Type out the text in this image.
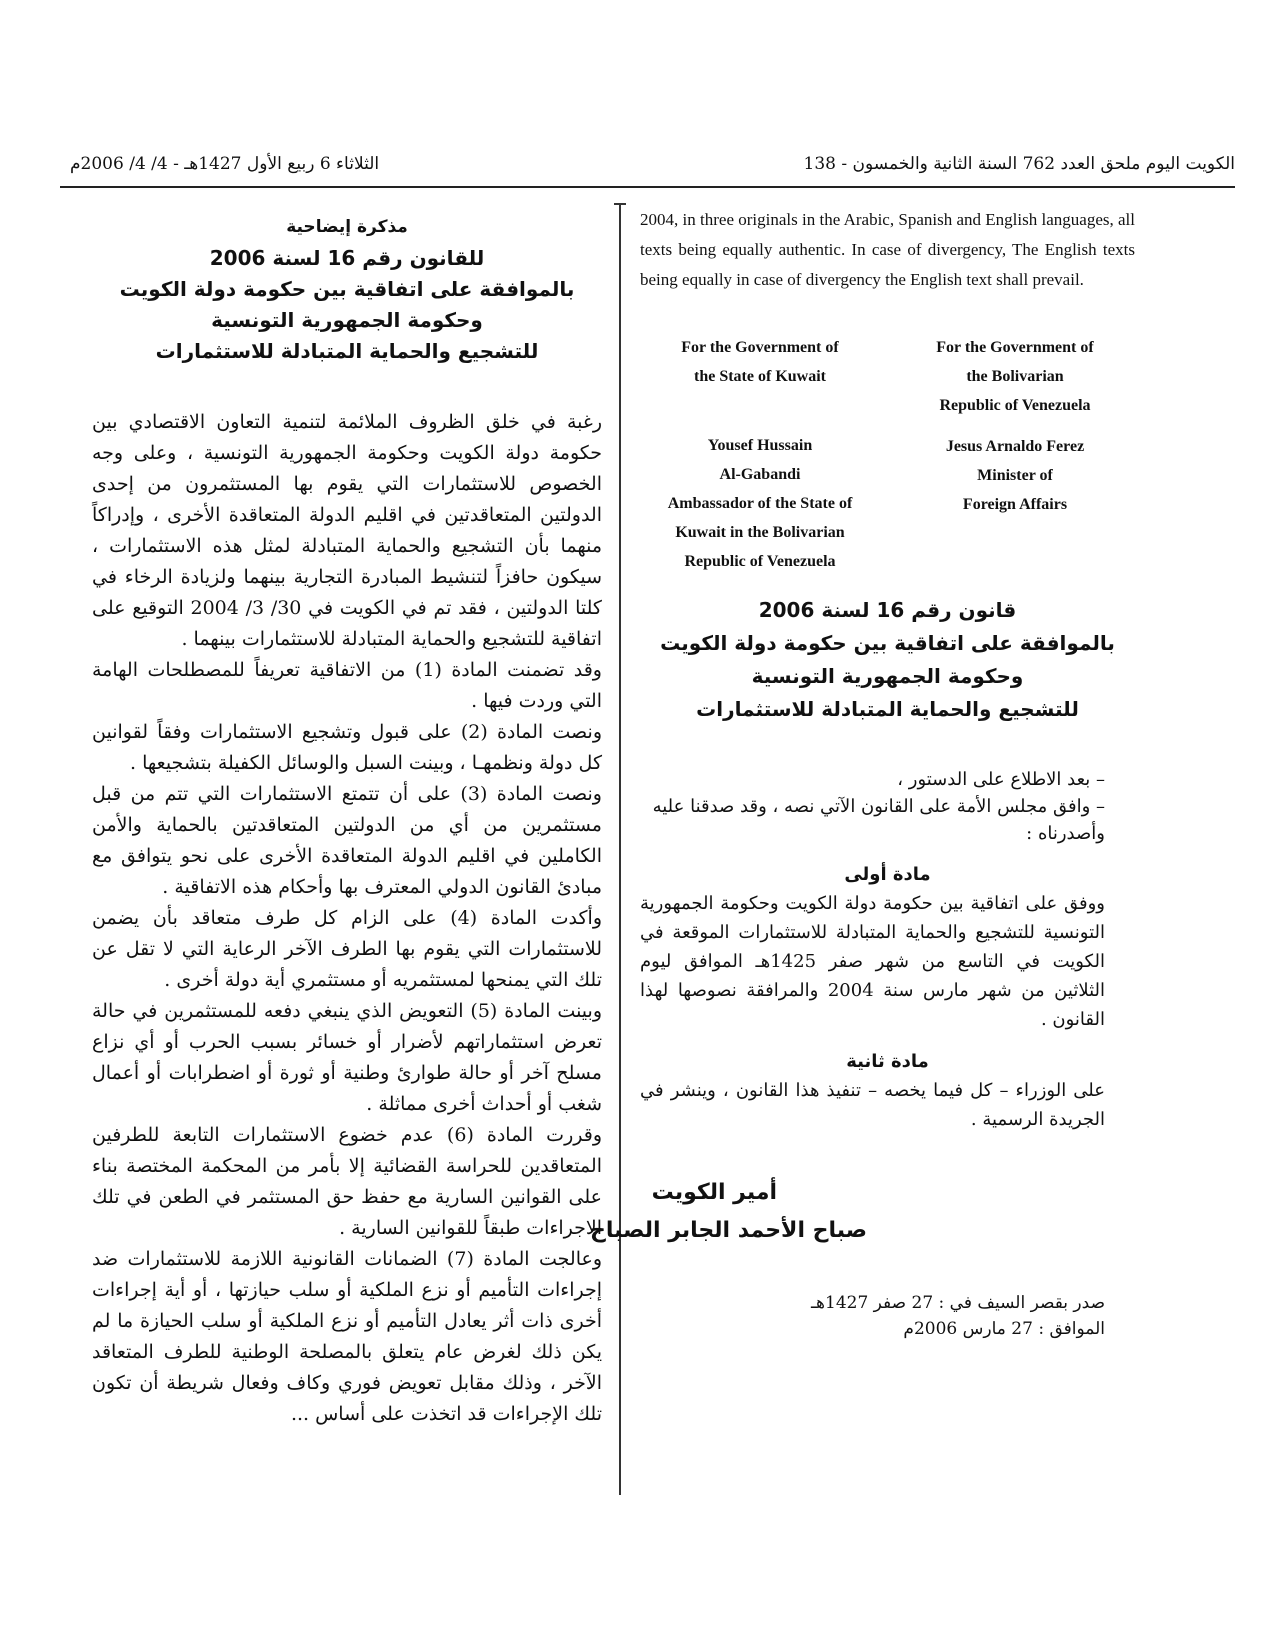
الثلاثاء 6 ربيع الأول 1427هـ - 4/ 4/ 2006م	الكويت اليوم ملحق العدد 762 السنة الثانية والخمسون - 138
مذكرة إيضاحية
للقانون رقم 16 لسنة 2006
بالموافقة على اتفاقية بين حكومة دولة الكويت
وحكومة الجمهورية التونسية
للتشجيع والحماية المتبادلة للاستثمارات

رغبة في خلق الظروف الملائمة لتنمية التعاون الاقتصادي بين حكومة دولة الكويت وحكومة الجمهورية التونسية ، وعلى وجه الخصوص للاستثمارات التي يقوم بها المستثمرون من إحدى الدولتين المتعاقدتين في اقليم الدولة المتعاقدة الأخرى ، وإدراكاً منهما بأن التشجيع والحماية المتبادلة لمثل هذه الاستثمارات ، سيكون حافزاً لتنشيط المبادرة التجارية بينهما ولزيادة الرخاء في كلتا الدولتين ، فقد تم في الكويت في 30/ 3/ 2004 التوقيع على اتفاقية للتشجيع والحماية المتبادلة للاستثمارات بينهما .

وقد تضمنت المادة (1) من الاتفاقية تعريفاً للمصطلحات الهامة التي وردت فيها .

ونصت المادة (2) على قبول وتشجيع الاستثمارات وفقاً لقوانين كل دولة ونظمهـا ، وبينت السبل والوسائل الكفيلة بتشجيعها .

ونصت المادة (3) على أن تتمتع الاستثمارات التي تتم من قبل مستثمرين من أي من الدولتين المتعاقدتين بالحماية والأمن الكاملين في اقليم الدولة المتعاقدة الأخرى على نحو يتوافق مع مبادئ القانون الدولي المعترف بها وأحكام هذه الاتفاقية .

وأكدت المادة (4) على الزام كل طرف متعاقد بأن يضمن للاستثمارات التي يقوم بها الطرف الآخر الرعاية التي لا تقل عن تلك التي يمنحها لمستثمريه أو مستثمري أية دولة أخرى .

وبينت المادة (5) التعويض الذي ينبغي دفعه للمستثمرين في حالة تعرض استثماراتهم لأضرار أو خسائر بسبب الحرب أو أي نزاع مسلح آخر أو حالة طوارئ وطنية أو ثورة أو اضطرابات أو أعمال شغب أو أحداث أخرى مماثلة .

وقررت المادة (6) عدم خضوع الاستثمارات التابعة للطرفين المتعاقدين للحراسة القضائية إلا بأمر من المحكمة المختصة بناء على القوانين السارية مع حفظ حق المستثمر في الطعن في تلك الاجراءات طبقاً للقوانين السارية .

وعالجت المادة (7) الضمانات القانونية اللازمة للاستثمارات ضد إجراءات التأميم أو نزع الملكية أو سلب حيازتها ، أو أية إجراءات أخرى ذات أثر يعادل التأميم أو نزع الملكية أو سلب الحيازة ما لم يكن ذلك لغرض عام يتعلق بالمصلحة الوطنية للطرف المتعاقد الآخر ، وذلك مقابل تعويض فوري وكاف وفعال شريطة أن تكون تلك الإجراءات قد اتخذت على أساس ...

2004, in three originals in the Arabic, Spanish and English languages, all texts being equally authentic. In case of divergency, The English texts being equally in case of divergency the English text shall prevail.

For the Government of
the State of Kuwait
Yousef Hussain
Al-Gabandi
Ambassador of the State of
Kuwait in the Bolivarian
Republic of Venezuela
For the Government of
the Bolivarian
Republic of Venezuela
Jesus Arnaldo Ferez
Minister of
Foreign Affairs
قانون رقم 16 لسنة 2006
بالموافقة على اتفاقية بين حكومة دولة الكويت
وحكومة الجمهورية التونسية
للتشجيع والحماية المتبادلة للاستثمارات
– بعد الاطلاع على الدستور ،
– وافق مجلس الأمة على القانون الآتي نصه ، وقد صدقنا عليه وأصدرناه :
مادة أولى
ووفق على اتفاقية بين حكومة دولة الكويت وحكومة الجمهورية التونسية للتشجيع والحماية المتبادلة للاستثمارات الموقعة في الكويت في التاسع من شهر صفر 1425هـ الموافق ليوم الثلاثين من شهر مارس سنة 2004 والمرافقة نصوصها لهذا القانون .
مادة ثانية
على الوزراء – كل فيما يخصه – تنفيذ هذا القانون ، وينشر في الجريدة الرسمية .
أمير الكويت
صباح الأحمد الجابر الصباح
صدر بقصر السيف في : 27 صفر 1427هـ
الموافق : 27 مارس 2006م
